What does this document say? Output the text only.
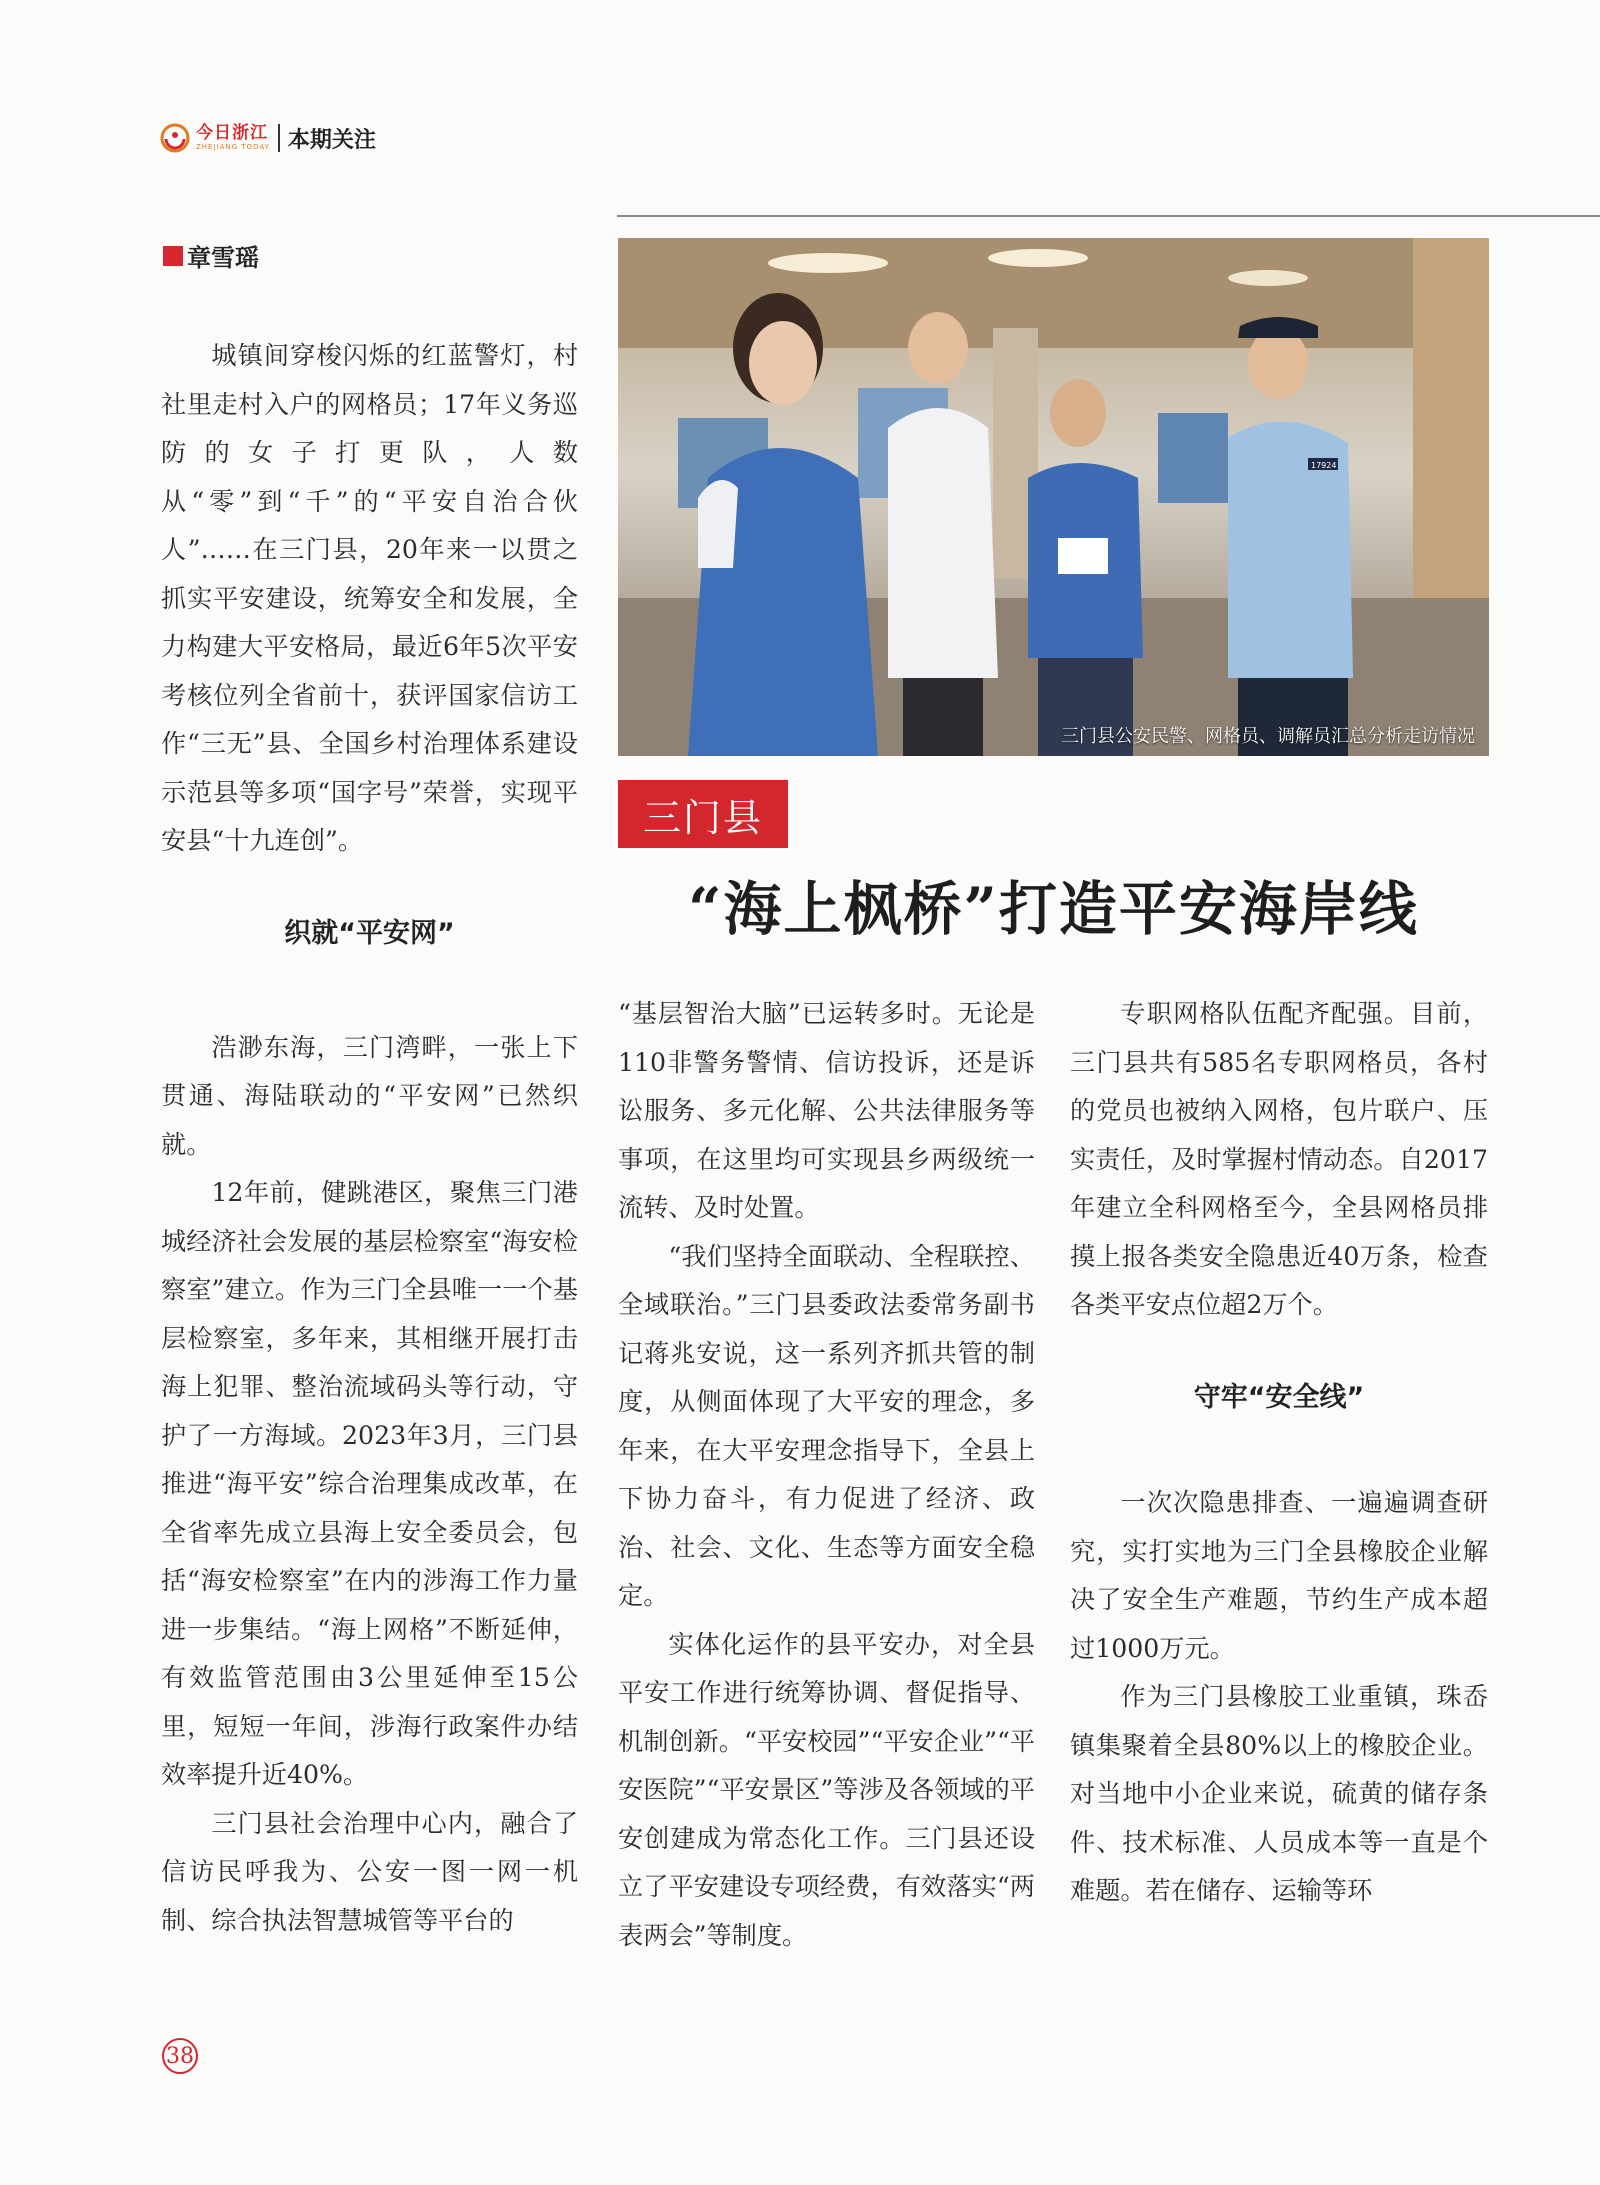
今日浙江
ZHEJIANG TODAY 本期关注
章雪瑶
17924
三门县公安民警、网格员、调解员汇总分析走访情况
三门县
“海上枫桥”打造平安海岸线

城镇间穿梭闪烁的红蓝警灯，村社里走村入户的网格员；17年义务巡防的女子打更队，人数从“零”到“千”的“平安自治合伙人”……在三门县，20年来一以贯之抓实平安建设，统筹安全和发展，全力构建大平安格局，最近6年5次平安考核位列全省前十，获评国家信访工作“三无”县、全国乡村治理体系建设示范县等多项“国字号”荣誉，实现平安县“十九连创”。

织就“平安网”

浩渺东海，三门湾畔，一张上下贯通、海陆联动的“平安网”已然织就。

12年前，健跳港区，聚焦三门港城经济社会发展的基层检察室“海安检察室”建立。作为三门全县唯一一个基层检察室，多年来，其相继开展打击海上犯罪、整治流域码头等行动，守护了一方海域。2023年3月，三门县推进“海平安”综合治理集成改革，在全省率先成立县海上安全委员会，包括“海安检察室”在内的涉海工作力量进一步集结。“海上网格”不断延伸，有效监管范围由3公里延伸至15公里，短短一年间，涉海行政案件办结效率提升近40%。

三门县社会治理中心内，融合了信访民呼我为、公安一图一网一机制、综合执法智慧城管等平台的

“基层智治大脑”已运转多时。无论是110非警务警情、信访投诉，还是诉讼服务、多元化解、公共法律服务等事项，在这里均可实现县乡两级统一流转、及时处置。

“我们坚持全面联动、全程联控、全域联治。”三门县委政法委常务副书记蒋兆安说，这一系列齐抓共管的制度，从侧面体现了大平安的理念，多年来，在大平安理念指导下，全县上下协力奋斗，有力促进了经济、政治、社会、文化、生态等方面安全稳定。

实体化运作的县平安办，对全县平安工作进行统筹协调、督促指导、机制创新。“平安校园”“平安企业”“平安医院”“平安景区”等涉及各领域的平安创建成为常态化工作。三门县还设立了平安建设专项经费，有效落实“两表两会”等制度。

专职网格队伍配齐配强。目前，三门县共有585名专职网格员，各村的党员也被纳入网格，包片联户、压实责任，及时掌握村情动态。自2017年建立全科网格至今，全县网格员排摸上报各类安全隐患近40万条，检查各类平安点位超2万个。

守牢“安全线”

一次次隐患排查、一遍遍调查研究，实打实地为三门全县橡胶企业解决了安全生产难题，节约生产成本超过1000万元。

作为三门县橡胶工业重镇，珠岙镇集聚着全县80%以上的橡胶企业。对当地中小企业来说，硫黄的储存条件、技术标准、人员成本等一直是个难题。若在储存、运输等环

38
